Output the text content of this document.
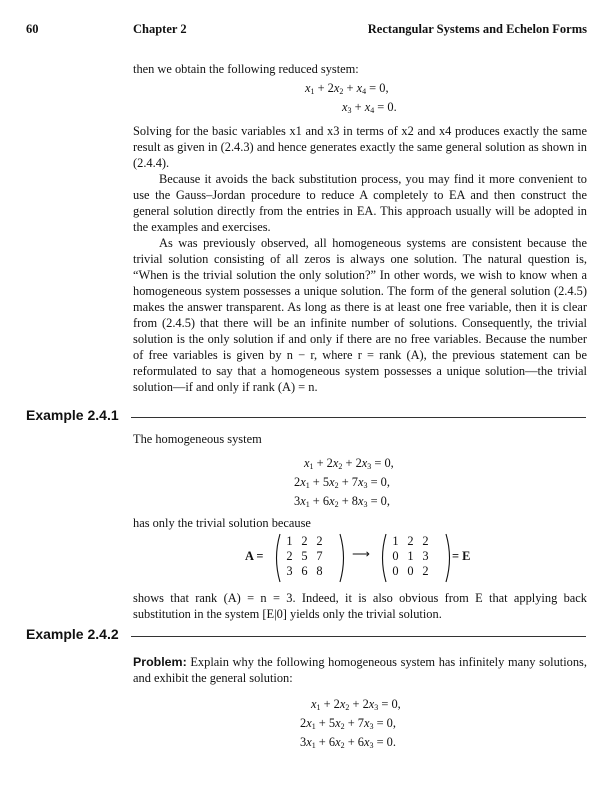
60	Chapter 2	Rectangular Systems and Echelon Forms

then we obtain the following reduced system:

$x_1 + 2x_2 + x_4 = 0$,
$x_3 + x_4 = 0$.

Solving for the basic variables x1 and x3 in terms of x2 and x4 produces exactly the same result as given in (2.4.3) and hence generates exactly the same general solution as shown in (2.4.4).

Because it avoids the back substitution process, you may find it more convenient to use the Gauss–Jordan procedure to reduce A completely to EA and then construct the general solution directly from the entries in EA. This approach usually will be adopted in the examples and exercises.

As was previously observed, all homogeneous systems are consistent because the trivial solution consisting of all zeros is always one solution. The natural question is, “When is the trivial solution the only solution?” In other words, we wish to know when a homogeneous system possesses a unique solution. The form of the general solution (2.4.5) makes the answer transparent. As long as there is at least one free variable, then it is clear from (2.4.5) that there will be an infinite number of solutions. Consequently, the trivial solution is the only solution if and only if there are no free variables. Because the number of free variables is given by n − r, where r = rank (A), the previous statement can be reformulated to say that a homogeneous system possesses a unique solution—the trivial solution—if and only if rank (A) = n.

Example 2.4.1

The homogeneous system

$x_1 + 2x_2 + 2x_3 = 0$,
$2x_1 + 5x_2 + 7x_3 = 0$,
$3x_1 + 6x_2 + 8x_3 = 0$,

has only the trivial solution because

A =
1 2 2
2 5 7
3 6 8
⟶
1 2 2
0 1 3
0 0 2
= E

shows that rank (A) = n = 3. Indeed, it is also obvious from E that applying back substitution in the system [E|0] yields only the trivial solution.

Example 2.4.2

Problem: Explain why the following homogeneous system has infinitely many solutions, and exhibit the general solution:

$x_1 + 2x_2 + 2x_3 = 0$,
$2x_1 + 5x_2 + 7x_3 = 0$,
$3x_1 + 6x_2 + 6x_3 = 0$.
